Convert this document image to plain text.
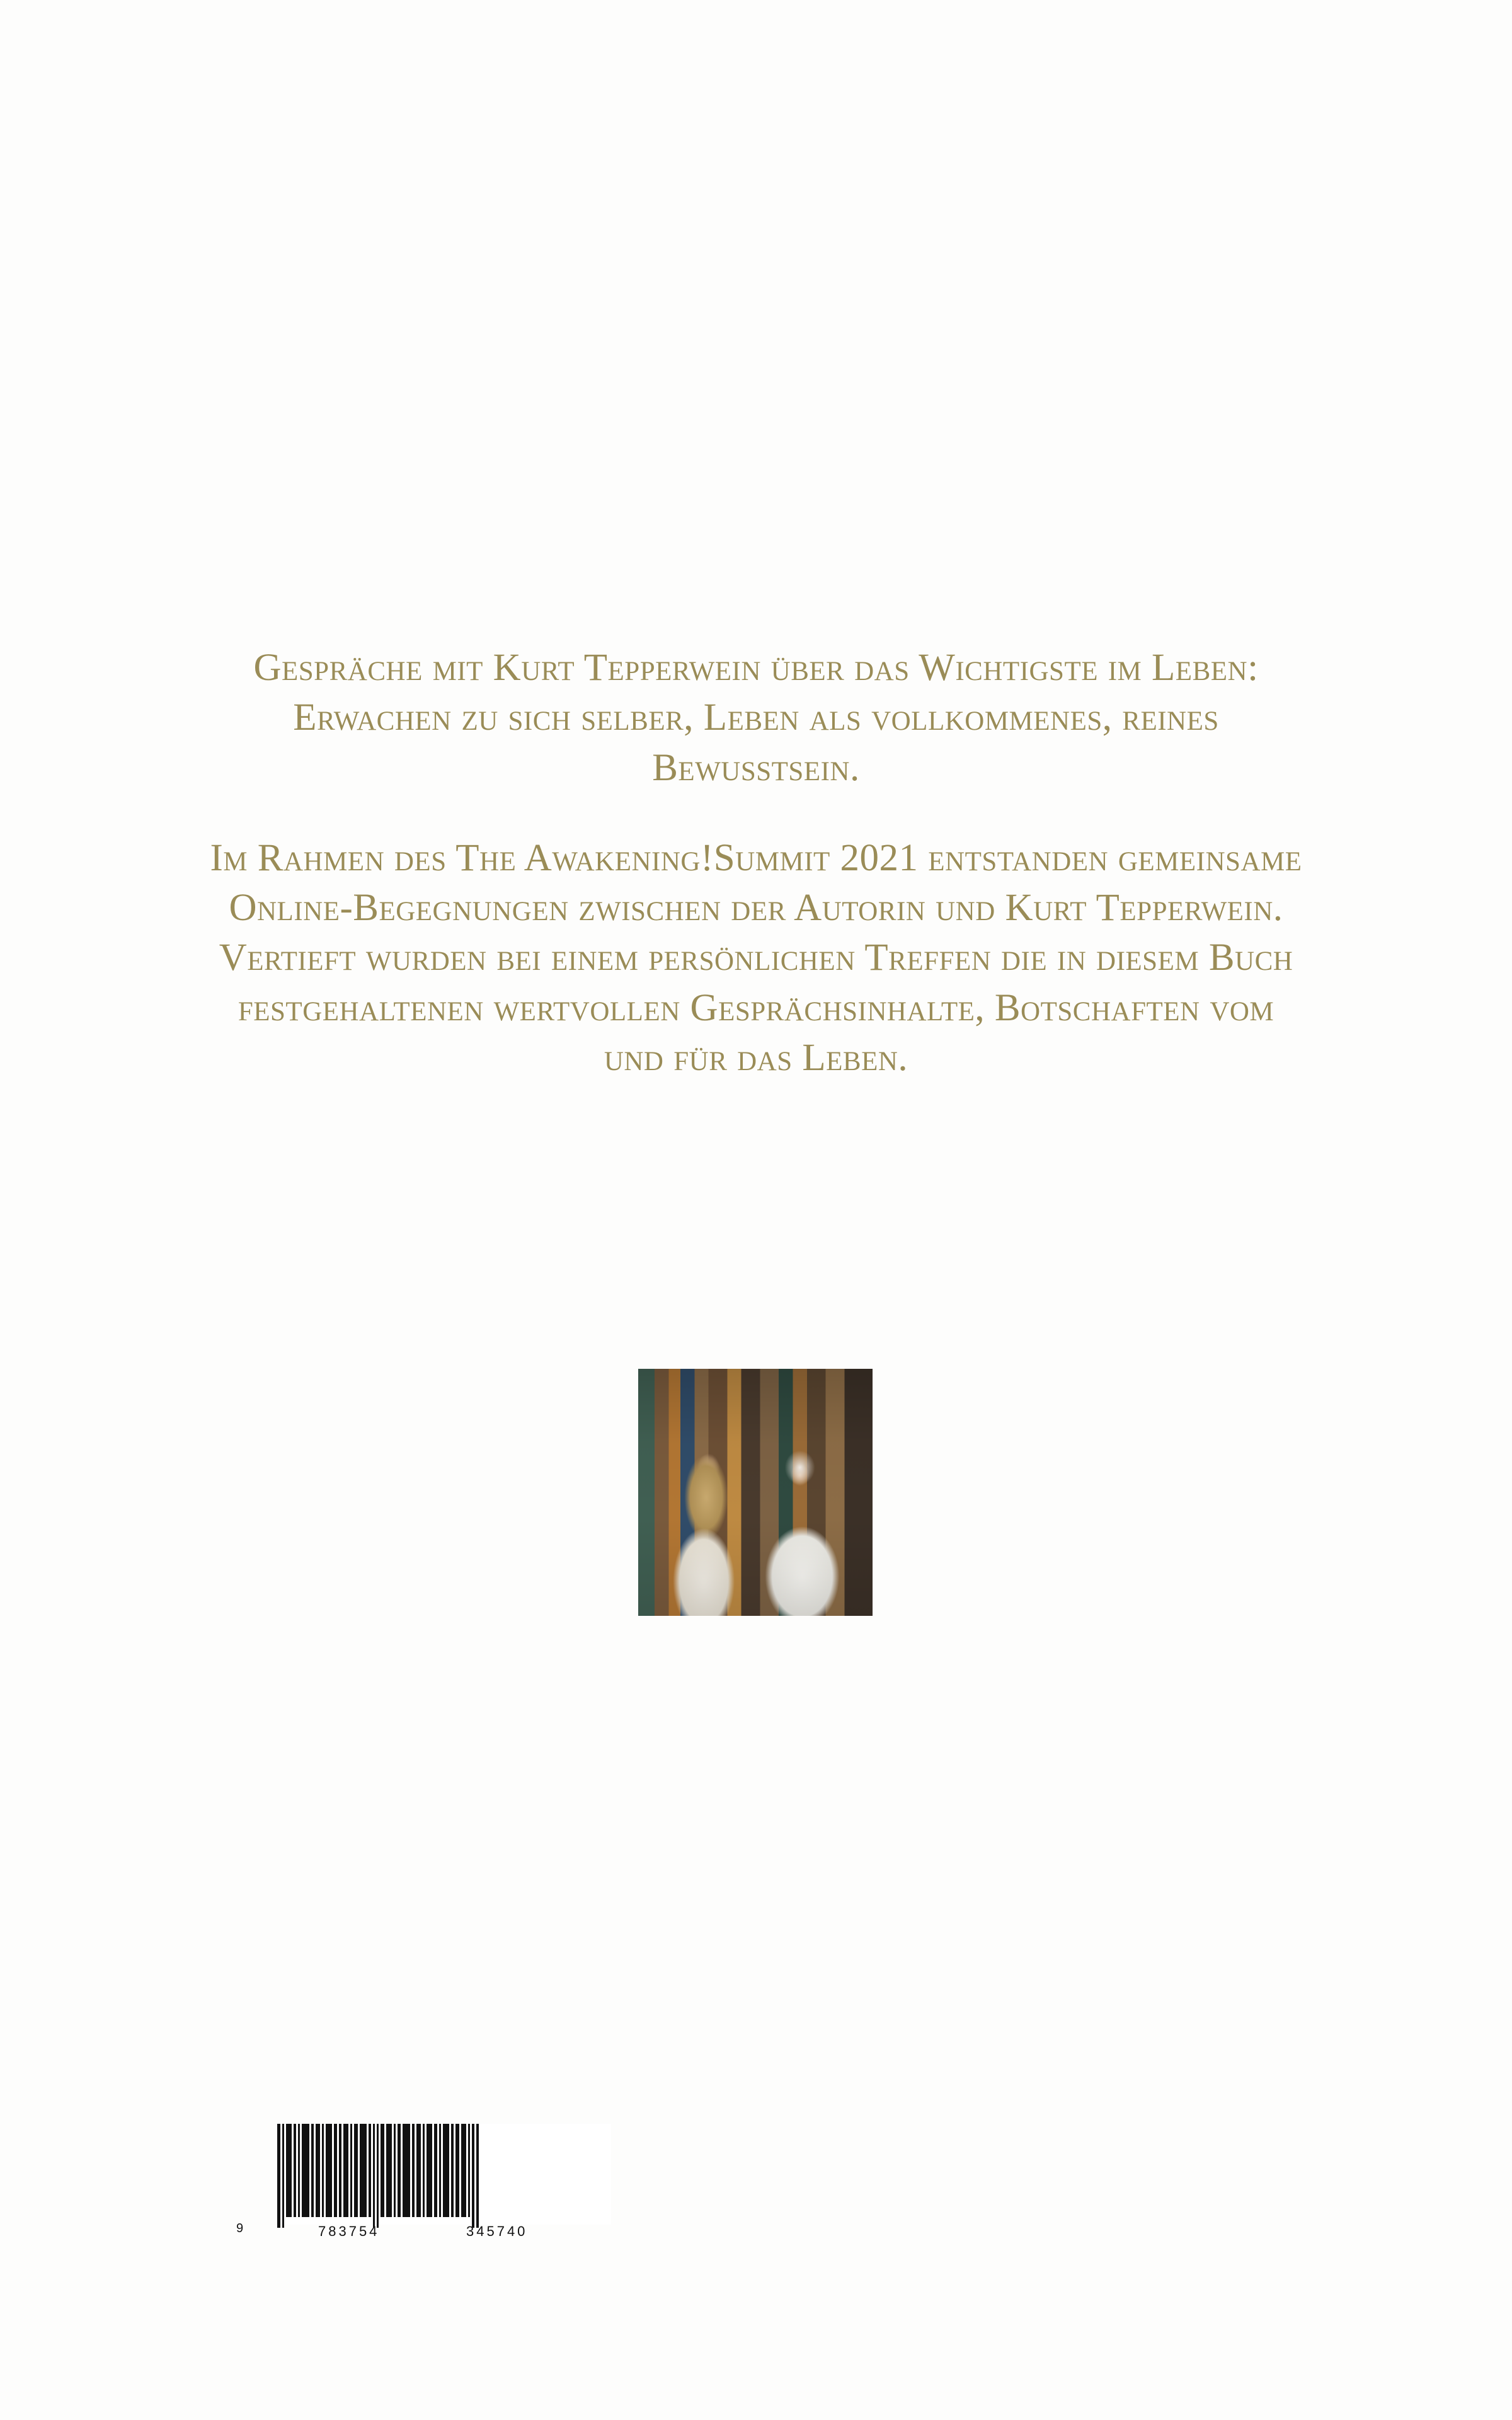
Gespräche mit Kurt Tepperwein über das Wichtigste im Leben: Erwachen zu sich selber, Leben als vollkommenes, reines Bewusstsein.

Im Rahmen des The Awakening!Summit 2021 entstanden gemeinsame Online-Begegnungen zwischen der Autorin und Kurt Tepperwein. Vertieft wurden bei einem persönlichen Treffen die in diesem Buch festgehaltenen wertvollen Gesprächsinhalte, Botschaften vom und für das Leben.

9	783754	345740
